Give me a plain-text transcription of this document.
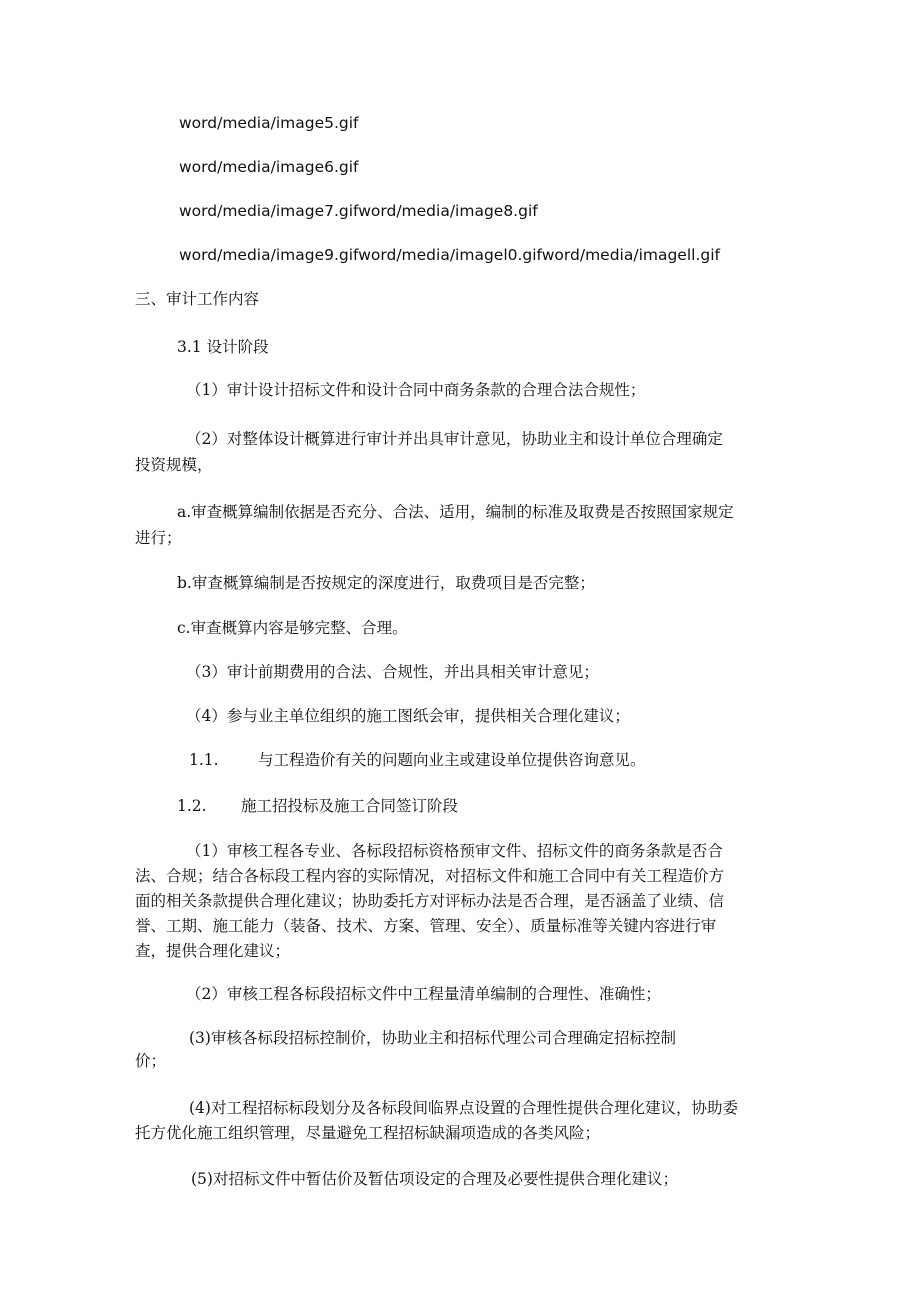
word/media/image5.gif
word/media/image6.gif
word/media/image7.gifword/media/image8.gif
word/media/image9.gifword/media/imagel0.gifword/media/imagell.gif
三、审计工作内容
3.1 设计阶段
（1）审计设计招标文件和设计合同中商务条款的合理合法合规性；
（2）对整体设计概算进行审计并出具审计意见，协助业主和设计单位合理确定
投资规模，
a.审查概算编制依据是否充分、合法、适用，编制的标准及取费是否按照国家规定
进行；
b.审查概算编制是否按规定的深度进行，取费项目是否完整；
c.审查概算内容是够完整、合理。
（3）审计前期费用的合法、合规性，并出具相关审计意见；
（4）参与业主单位组织的施工图纸会审，提供相关合理化建议；
1.1.	与工程造价有关的问题向业主或建设单位提供咨询意见。
1.2. 施工招投标及施工合同签订阶段
（1）审核工程各专业、各标段招标资格预审文件、招标文件的商务条款是否合
法、合规；结合各标段工程内容的实际情况，对招标文件和施工合同中有关工程造价方
面的相关条款提供合理化建议；协助委托方对评标办法是否合理，是否涵盖了业绩、信
誉、工期、施工能力（装备、技术、方案、管理、安全）、质量标准等关键内容进行审
查，提供合理化建议；
（2）审核工程各标段招标文件中工程量清单编制的合理性、准确性；
(3)审核各标段招标控制价，协助业主和招标代理公司合理确定招标控制
价；
(4)对工程招标标段划分及各标段间临界点设置的合理性提供合理化建议，协助委
托方优化施工组织管理，尽量避免工程招标缺漏项造成的各类风险；
(5)对招标文件中暂估价及暂估项设定的合理及必要性提供合理化建议；
